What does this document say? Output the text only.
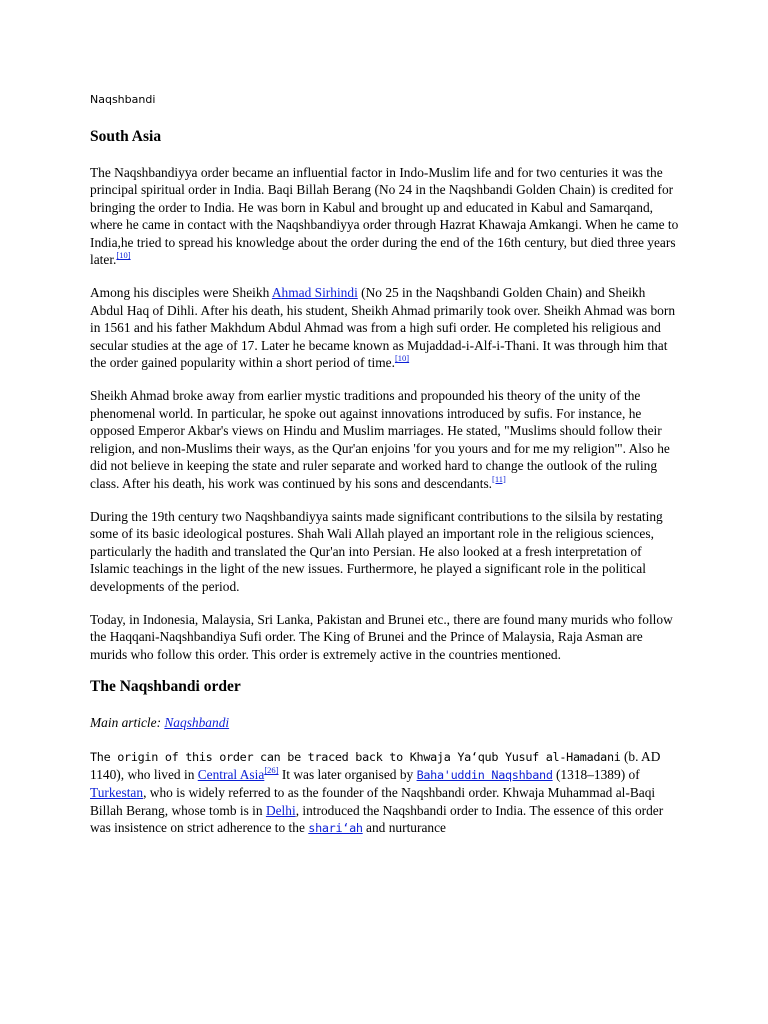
Naqshbandi
South Asia

The Naqshbandiyya order became an influential factor in Indo-Muslim life and for two centuries it was the principal spiritual order in India. Baqi Billah Berang (No 24 in the Naqshbandi Golden Chain) is credited for bringing the order to India. He was born in Kabul and brought up and educated in Kabul and Samarqand, where he came in contact with the Naqshbandiyya order through Hazrat Khawaja Amkangi. When he came to India,he tried to spread his knowledge about the order during the end of the 16th century, but died three years later.[10]

Among his disciples were Sheikh Ahmad Sirhindi (No 25 in the Naqshbandi Golden Chain) and Sheikh Abdul Haq of Dihli. After his death, his student, Sheikh Ahmad primarily took over. Sheikh Ahmad was born in 1561 and his father Makhdum Abdul Ahmad was from a high sufi order. He completed his religious and secular studies at the age of 17. Later he became known as Mujaddad-i-Alf-i-Thani. It was through him that the order gained popularity within a short period of time.[10]

Sheikh Ahmad broke away from earlier mystic traditions and propounded his theory of the unity of the phenomenal world. In particular, he spoke out against innovations introduced by sufis. For instance, he opposed Emperor Akbar's views on Hindu and Muslim marriages. He stated, "Muslims should follow their religion, and non-Muslims their ways, as the Qur'an enjoins 'for you yours and for me my religion'". Also he did not believe in keeping the state and ruler separate and worked hard to change the outlook of the ruling class. After his death, his work was continued by his sons and descendants.[11]

During the 19th century two Naqshbandiyya saints made significant contributions to the silsila by restating some of its basic ideological postures. Shah Wali Allah played an important role in the religious sciences, particularly the hadith and translated the Qur'an into Persian. He also looked at a fresh interpretation of Islamic teachings in the light of the new issues. Furthermore, he played a significant role in the political developments of the period.

Today, in Indonesia, Malaysia, Sri Lanka, Pakistan and Brunei etc., there are found many murids who follow the Haqqani-Naqshbandiya Sufi order. The King of Brunei and the Prince of Malaysia, Raja Asman are murids who follow this order. This order is extremely active in the countries mentioned.

The Naqshbandi order

Main article: Naqshbandi

The origin of this order can be traced back to Khwaja Ya‘qub Yusuf al-Hamadani (b. AD 1140), who lived in Central Asia[26] It was later organised by Baha'uddin Naqshband (1318–1389) of Turkestan, who is widely referred to as the founder of the Naqshbandi order. Khwaja Muhammad al-Baqi Billah Berang, whose tomb is in Delhi, introduced the Naqshbandi order to India. The essence of this order was insistence on strict adherence to the shari‘ah and nurturance
